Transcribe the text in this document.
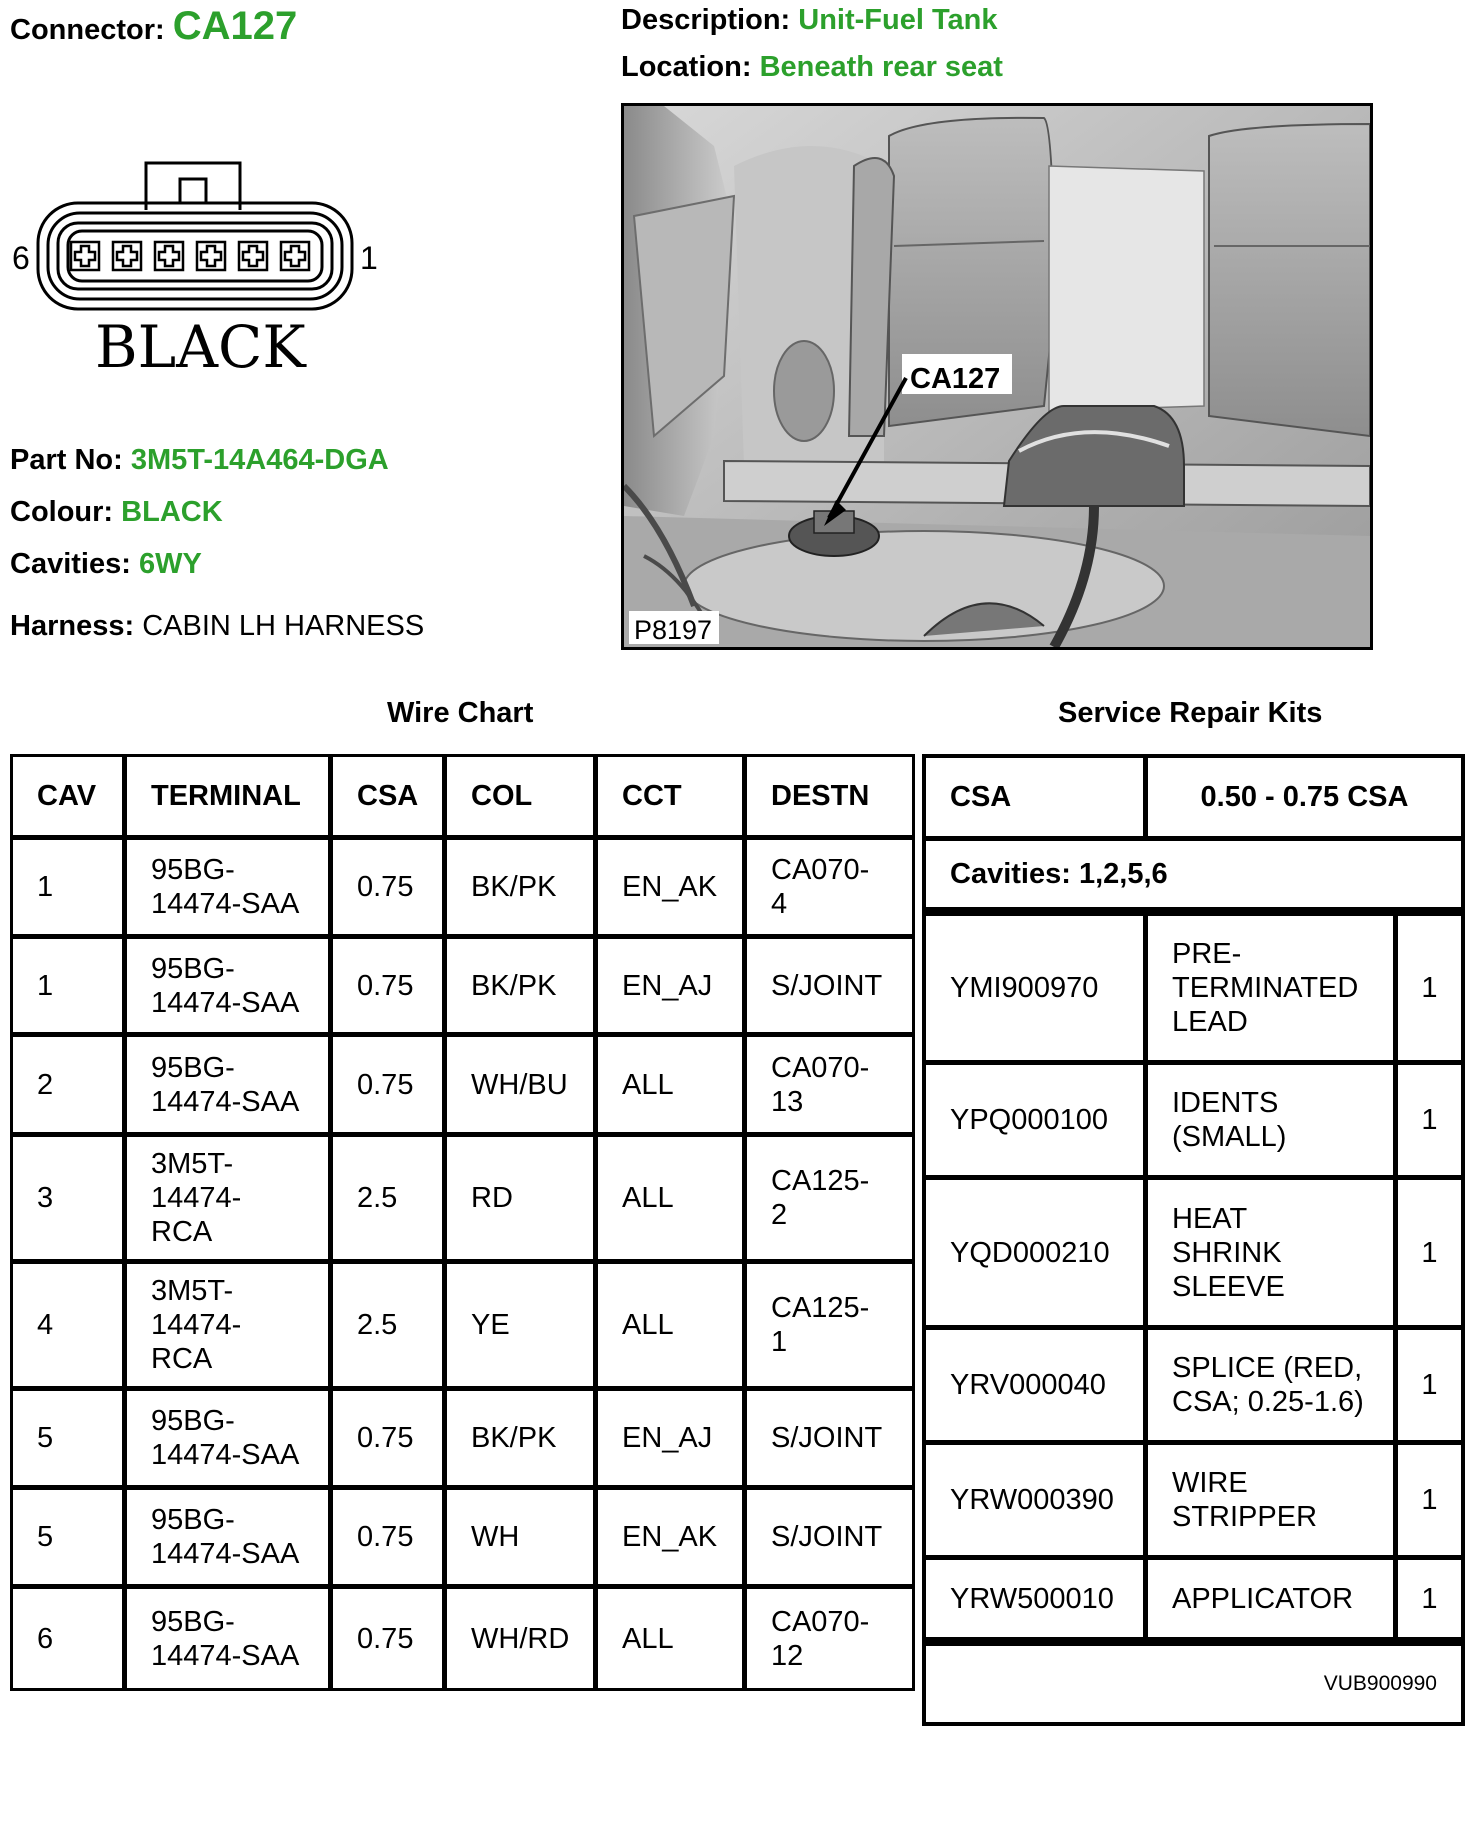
Connector: CA127	Description: Unit-Fuel Tank
Location: Beneath rear seat
6	1
BLACK
Part No: 3M5T-14A464-DGA
Colour: BLACK
Cavities: 6WY
Harness: CABIN LH HARNESS
CA127
P8197
Wire Chart	Service Repair Kits
CAV	TERMINAL	CSA	COL	CCT	DESTN
1	95BG-
14474-SAA	0.75	BK/PK	EN_AK	CA070-
4
1	95BG-
14474-SAA	0.75	BK/PK	EN_AJ	S/JOINT
2	95BG-
14474-SAA	0.75	WH/BU	ALL	CA070-
13
3	3M5T-
14474-
RCA	2.5	RD	ALL	CA125-
2
4	3M5T-
14474-
RCA	2.5	YE	ALL	CA125-
1
5	95BG-
14474-SAA	0.75	BK/PK	EN_AJ	S/JOINT
5	95BG-
14474-SAA	0.75	WH	EN_AK	S/JOINT
6	95BG-
14474-SAA	0.75	WH/RD	ALL	CA070-
12
CSA	0.50 - 0.75 CSA	
Cavities: 1,2,5,6		
YMI900970	PRE-
TERMINATED
LEAD	1
YPQ000100	IDENTS
(SMALL)	1
YQD000210	HEAT
SHRINK
SLEEVE	1
YRV000040	SPLICE (RED,
CSA; 0.25-1.6)	1
YRW000390	WIRE
STRIPPER	1
YRW500010	APPLICATOR	1
VUB900990		
